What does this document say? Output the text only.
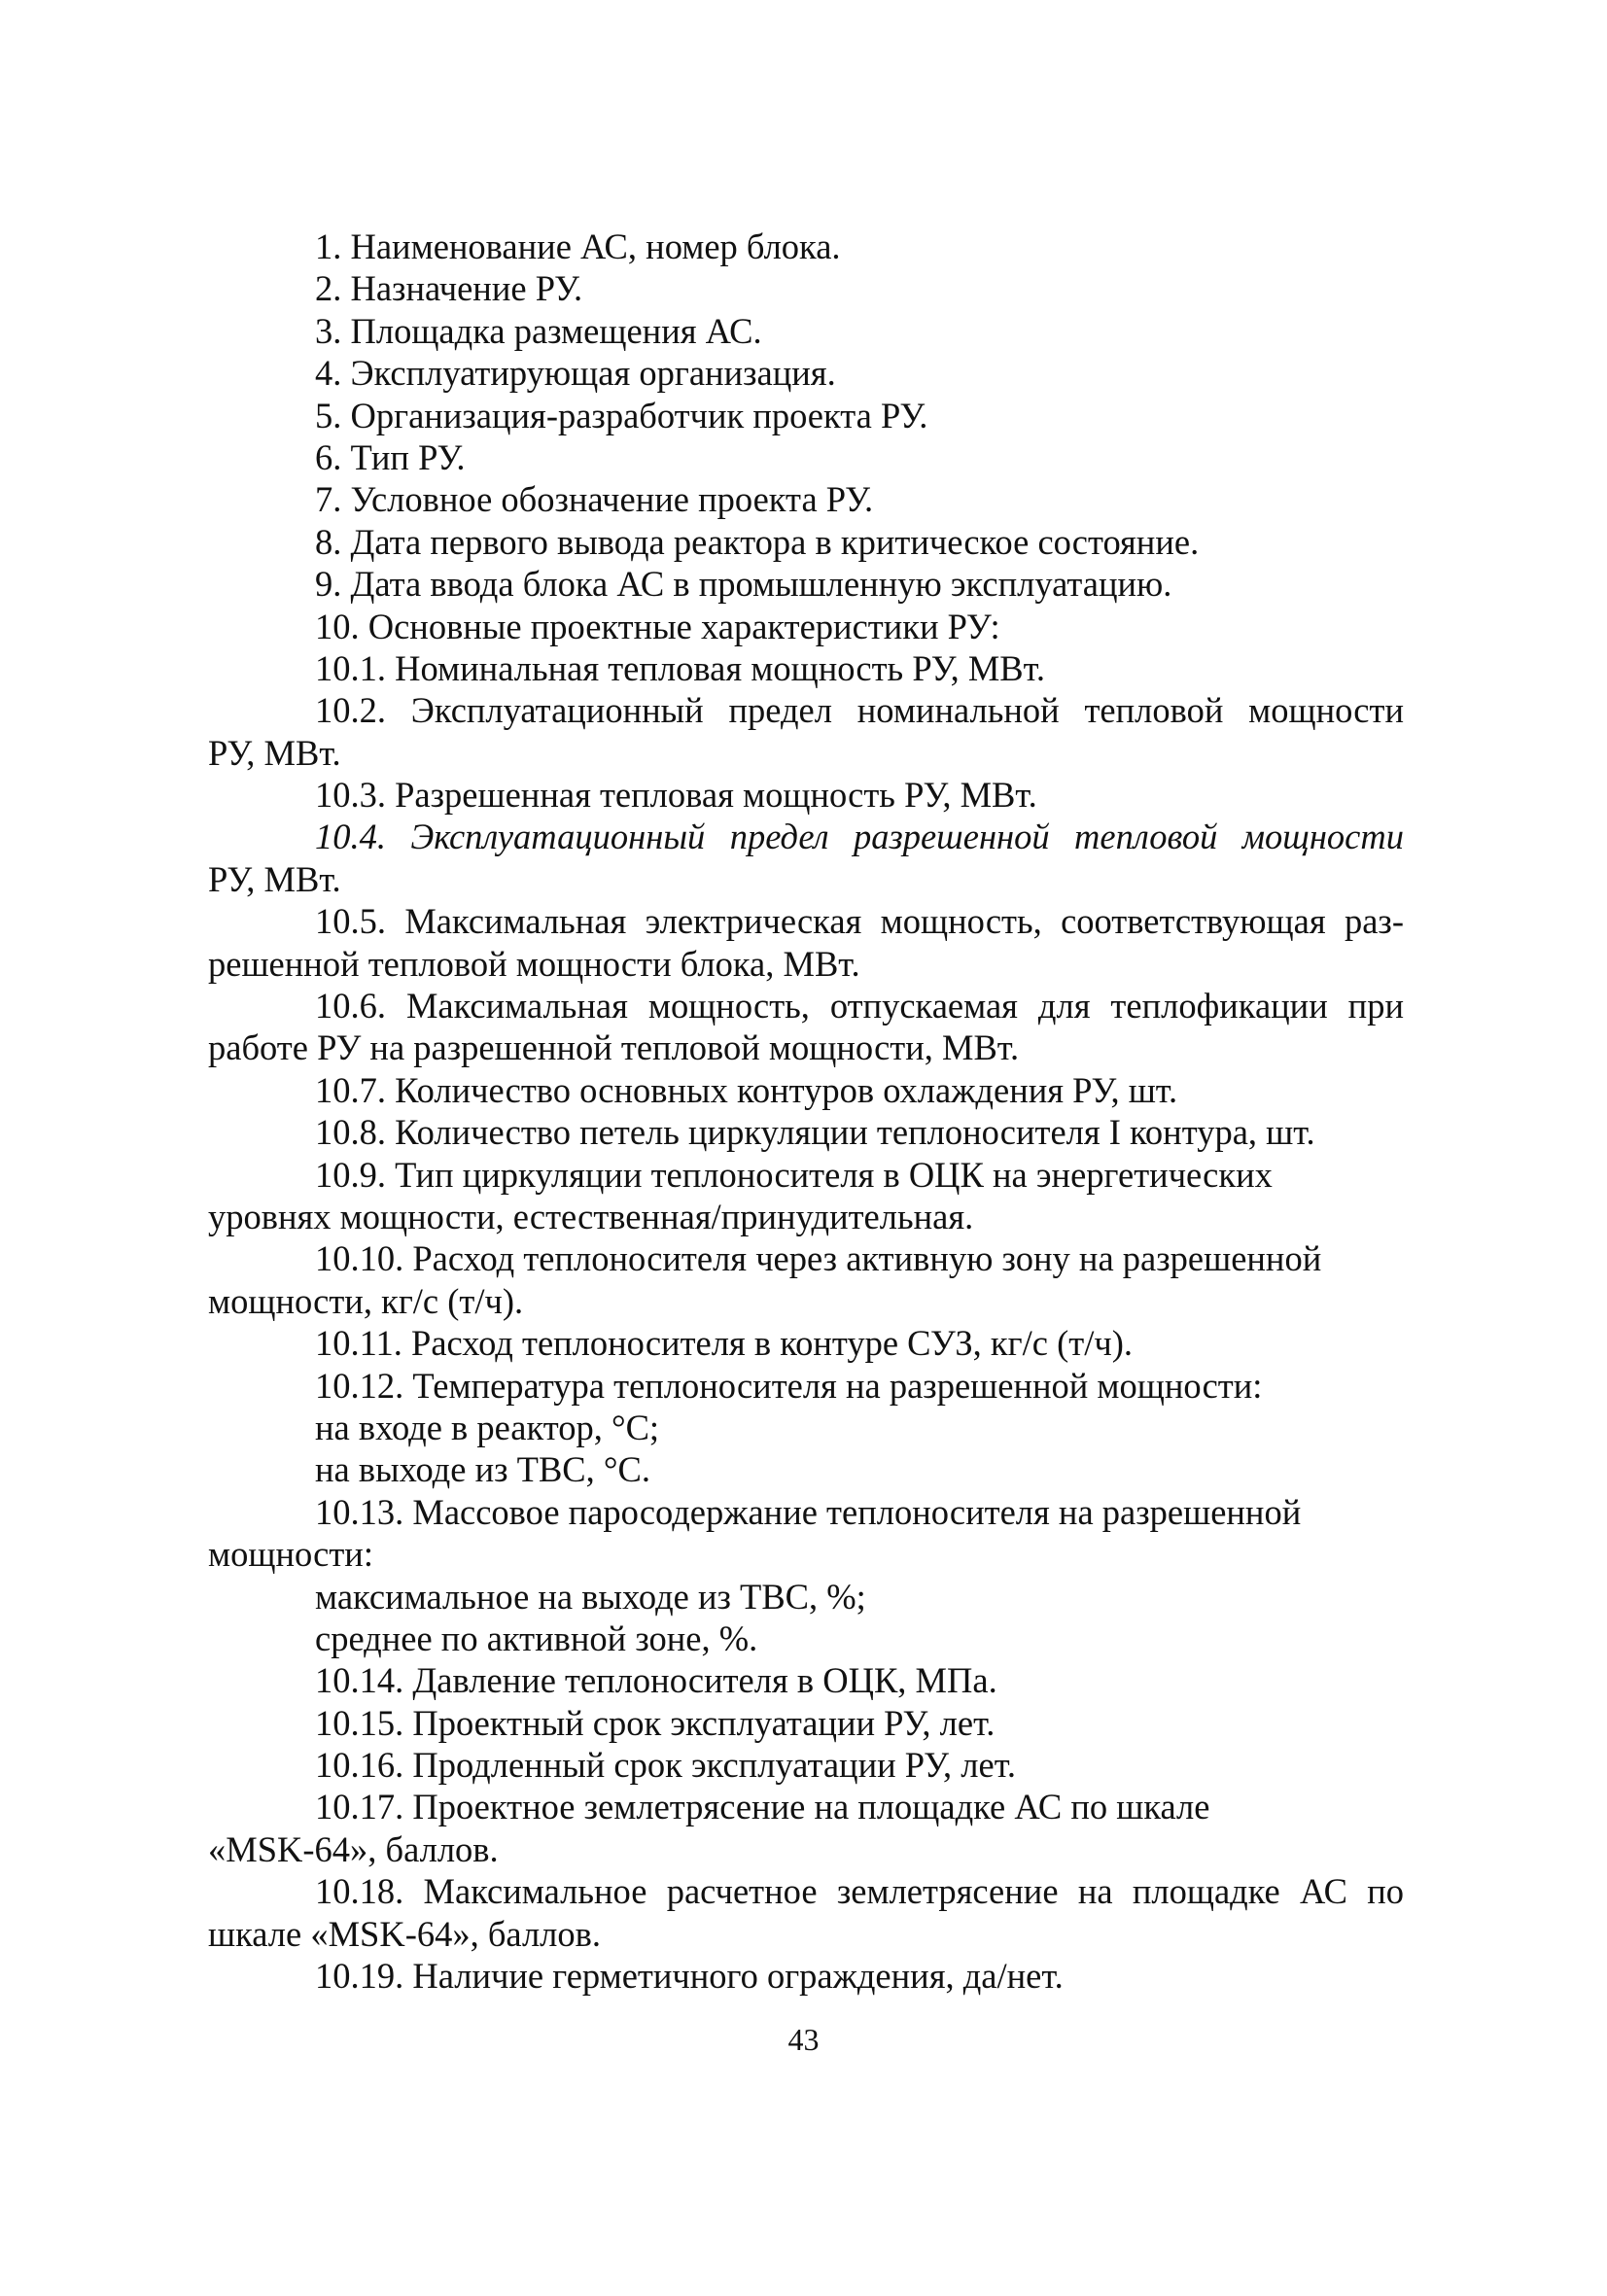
1. Наименование АС, номер блока.
2. Назначение РУ.
3. Площадка размещения АС.
4. Эксплуатирующая организация.
5. Организация-разработчик проекта РУ.
6. Тип РУ.
7. Условное обозначение проекта РУ.
8. Дата первого вывода реактора в критическое состояние.
9. Дата ввода блока АС в промышленную эксплуатацию.
10. Основные проектные характеристики РУ:
10.1. Номинальная тепловая мощность РУ, МВт.
10.2. Эксплуатационный предел номинальной тепловой мощности
РУ, МВт.
10.3. Разрешенная тепловая мощность РУ, МВт.
10.4. Эксплуатационный предел разрешенной тепловой мощности
РУ, МВт.
10.5. Максимальная электрическая мощность, соответствующая раз-
решенной тепловой мощности блока, МВт.
10.6. Максимальная мощность, отпускаемая для теплофикации при
работе РУ на разрешенной тепловой мощности, МВт.
10.7. Количество основных контуров охлаждения РУ, шт.
10.8. Количество петель циркуляции теплоносителя I контура, шт.
10.9. Тип циркуляции теплоносителя в ОЦК на энергетических
уровнях мощности, естественная/принудительная.
10.10. Расход теплоносителя через активную зону на разрешенной
мощности, кг/с (т/ч).
10.11. Расход теплоносителя в контуре СУЗ, кг/с (т/ч).
10.12. Температура теплоносителя на разрешенной мощности:
на входе в реактор, °С;
на выходе из ТВС, °С.
10.13. Массовое паросодержание теплоносителя на разрешенной
мощности:
максимальное на выходе из ТВС, %;
среднее по активной зоне, %.
10.14. Давление теплоносителя в ОЦК, МПа.
10.15. Проектный срок эксплуатации РУ, лет.
10.16. Продленный срок эксплуатации РУ, лет.
10.17. Проектное землетрясение на площадке АС по шкале
«MSK-64», баллов.
10.18. Максимальное расчетное землетрясение на площадке АС по
шкале «MSK-64», баллов.
10.19. Наличие герметичного ограждения, да/нет.
43
